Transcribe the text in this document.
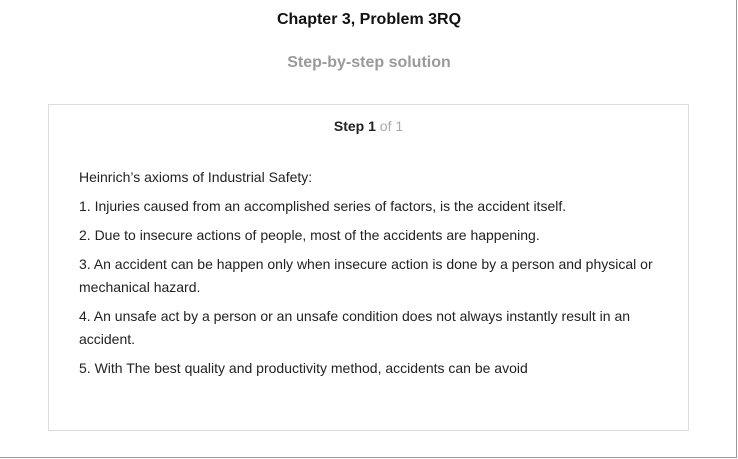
Chapter 3, Problem 3RQ
Step-by-step solution
Step 1 of 1

Heinrich’s axioms of Industrial Safety:

1. Injuries caused from an accomplished series of factors, is the accident itself.

2. Due to insecure actions of people, most of the accidents are happening.

3. An accident can be happen only when insecure action is done by a person and physical or mechanical hazard.

4. An unsafe act by a person or an unsafe condition does not always instantly result in an accident.

5. With The best quality and productivity method, accidents can be avoid
